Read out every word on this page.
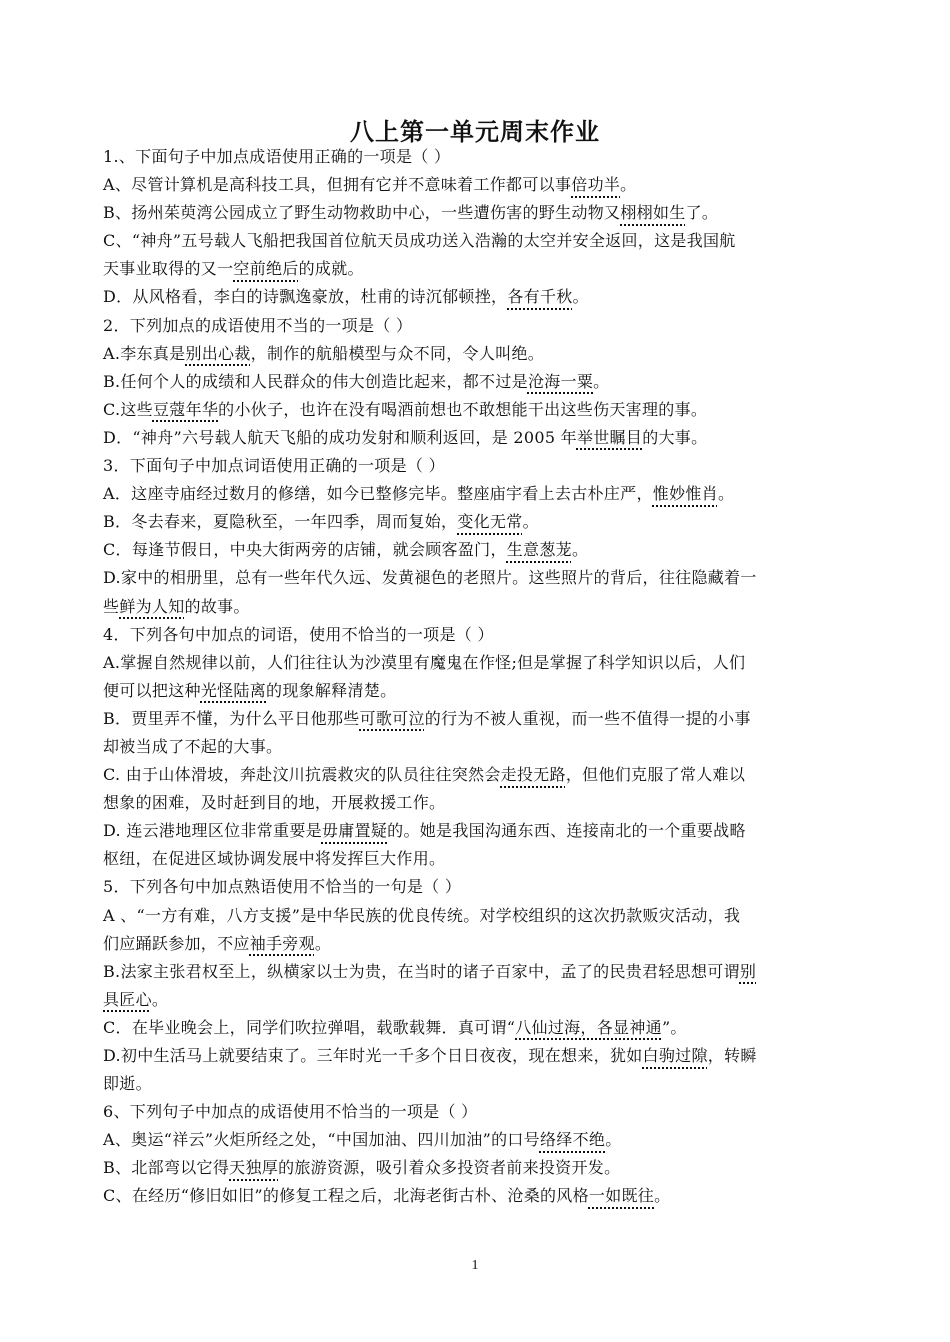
八上第一单元周末作业
1.、下面句子中加点成语使用正确的一项是（ ）
A、尽管计算机是高科技工具，但拥有它并不意味着工作都可以事倍功半。
B、扬州茱萸湾公园成立了野生动物救助中心，一些遭伤害的野生动物又栩栩如生了。
C、“神舟”五号载人飞船把我国首位航天员成功送入浩瀚的太空并安全返回，这是我国航
天事业取得的又一空前绝后的成就。
D．从风格看，李白的诗飘逸豪放，杜甫的诗沉郁顿挫，各有千秋。
2．下列加点的成语使用不当的一项是（ ）
A.李东真是别出心裁，制作的航船模型与众不同，令人叫绝。
B.任何个人的成绩和人民群众的伟大创造比起来，都不过是沧海一粟。
C.这些豆蔻年华的小伙子，也许在没有喝酒前想也不敢想能干出这些伤天害理的事。
D．“神舟”六号载人航天飞船的成功发射和顺利返回，是 2005 年举世瞩目的大事。
3．下面句子中加点词语使用正确的一项是（ ）
A．这座寺庙经过数月的修缮，如今已整修完毕。整座庙宇看上去古朴庄严，惟妙惟肖。
B．冬去春来，夏隐秋至，一年四季，周而复始，变化无常。
C．每逢节假日，中央大街两旁的店铺，就会顾客盈门，生意葱茏。
D.家中的相册里，总有一些年代久远、发黄褪色的老照片。这些照片的背后，往往隐藏着一
些鲜为人知的故事。
4．下列各句中加点的词语，使用不恰当的一项是（ ）
A.掌握自然规律以前，人们往往认为沙漠里有魔鬼在作怪;但是掌握了科学知识以后，人们
便可以把这种光怪陆离的现象解释清楚。
B．贾里弄不懂，为什么平日他那些可歌可泣的行为不被人重视，而一些不值得一提的小事
却被当成了不起的大事。
C. 由于山体滑坡，奔赴汶川抗震救灾的队员往往突然会走投无路，但他们克服了常人难以
想象的困难，及时赶到目的地，开展救援工作。
D. 连云港地理区位非常重要是毋庸置疑的。她是我国沟通东西、连接南北的一个重要战略
枢纽，在促进区域协调发展中将发挥巨大作用。
5．下列各句中加点熟语使用不恰当的一句是（ ）
A 、“一方有难，八方支援”是中华民族的优良传统。对学校组织的这次扔款贩灾活动，我
们应踊跃参加，不应袖手旁观。
B.法家主张君权至上，纵横家以士为贵，在当时的诸子百家中，孟了的民贵君轻思想可谓别
具匠心。
C．在毕业晚会上，同学们吹拉弹唱，载歌载舞．真可谓“八仙过海，各显神通”。
D.初中生活马上就要结束了。三年时光一千多个日日夜夜，现在想来，犹如白驹过隙，转瞬
即逝。
6、下列句子中加点的成语使用不恰当的一项是（ ）
A、奥运“祥云”火炬所经之处，“中国加油、四川加油”的口号络绎不绝。
B、北部弯以它得天独厚的旅游资源，吸引着众多投资者前来投资开发。
C、在经历“修旧如旧”的修复工程之后，北海老街古朴、沧桑的风格一如既往。
1
